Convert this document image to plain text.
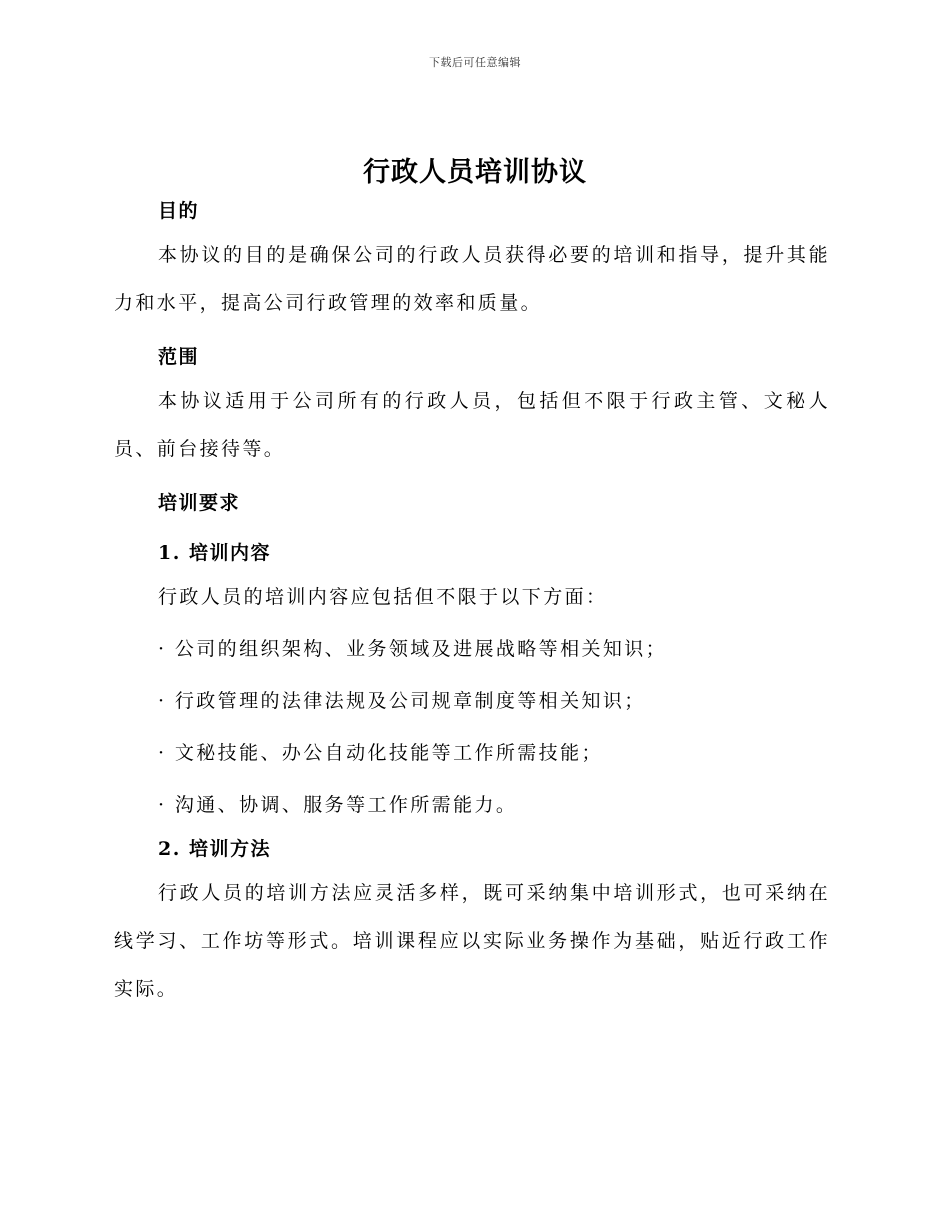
下载后可任意编辑
行政人员培训协议
目的

本协议的目的是确保公司的行政人员获得必要的培训和指导，提升其能力和水平，提高公司行政管理的效率和质量。

范围

本协议适用于公司所有的行政人员，包括但不限于行政主管、文秘人员、前台接待等。

培训要求
1. 培训内容

行政人员的培训内容应包括但不限于以下方面：

· 公司的组织架构、业务领域及进展战略等相关知识；

· 行政管理的法律法规及公司规章制度等相关知识；

· 文秘技能、办公自动化技能等工作所需技能；

· 沟通、协调、服务等工作所需能力。

2. 培训方法

行政人员的培训方法应灵活多样，既可采纳集中培训形式，也可采纳在线学习、工作坊等形式。培训课程应以实际业务操作为基础，贴近行政工作实际。
